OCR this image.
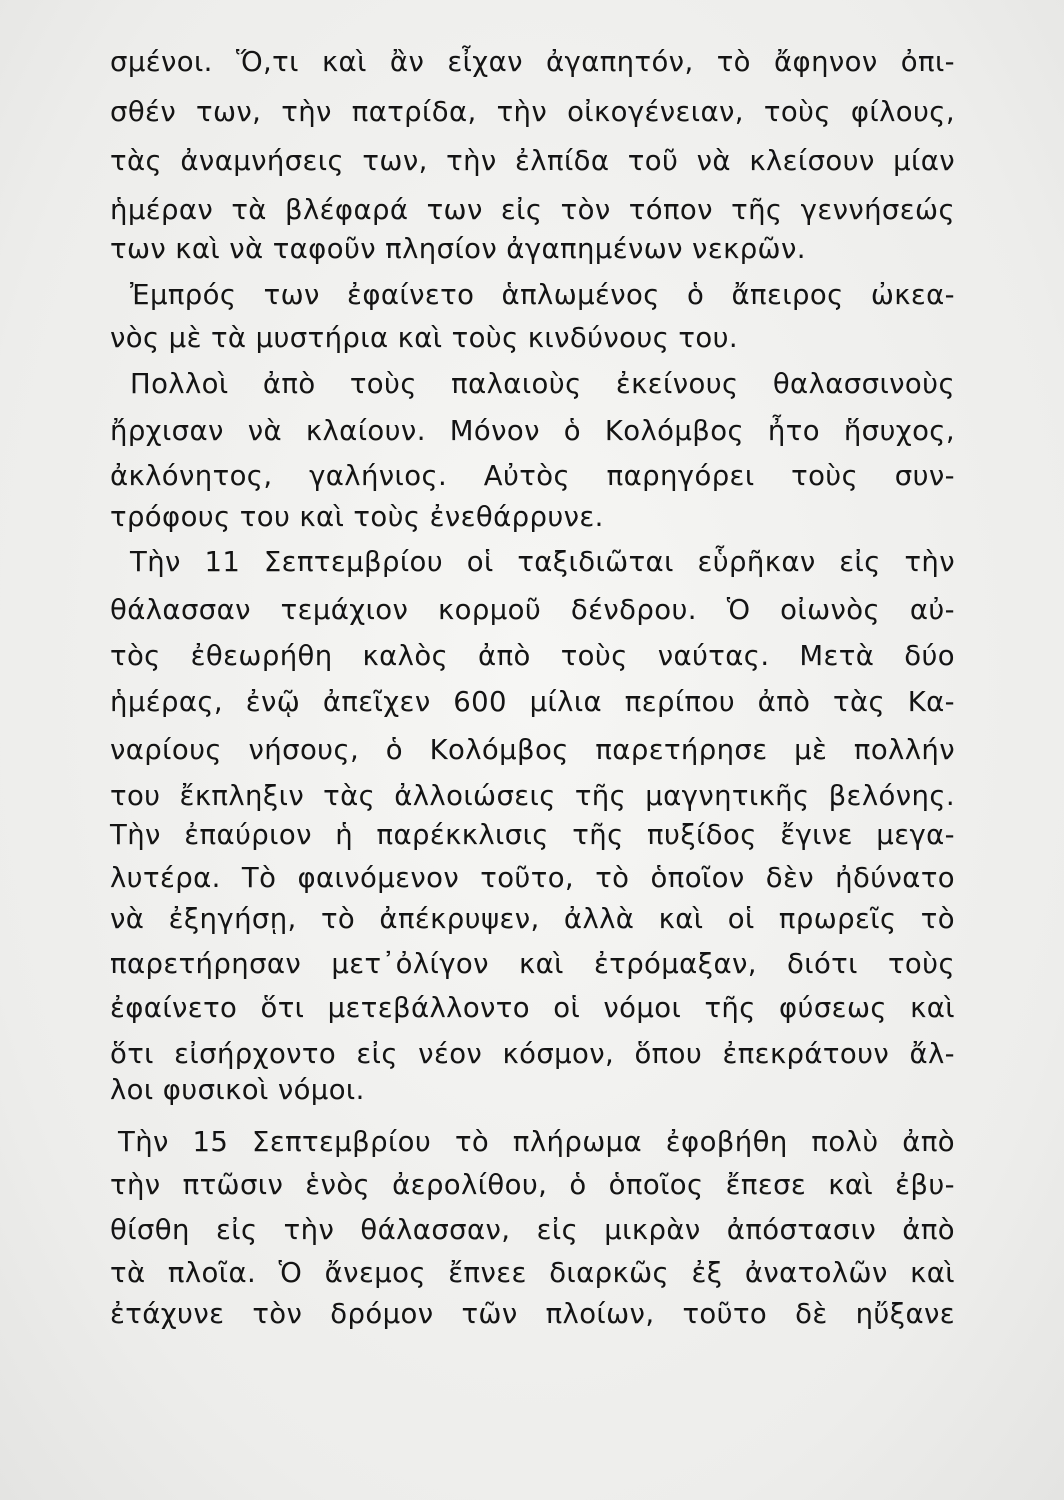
σμένοι. Ὅ,τι καὶ ἂν εἶχαν ἀγαπητόν, τὸ ἄφηνον ὀπι-
σθέν των, τὴν πατρίδα, τὴν οἰκογένειαν, τοὺς φίλους,
τὰς ἀναμνήσεις των, τὴν ἐλπίδα τοῦ νὰ κλείσουν μίαν
ἡμέραν τὰ βλέφαρά των εἰς τὸν τόπον τῆς γεννήσεώς
των καὶ νὰ ταφοῦν πλησίον ἀγαπημένων νεκρῶν.
Ἐμπρός των ἐφαίνετο ἁπλωμένος ὁ ἄπειρος ὠκεα-
νὸς μὲ τὰ μυστήρια καὶ τοὺς κινδύνους του.
Πολλοὶ ἀπὸ τοὺς παλαιοὺς ἐκείνους θαλασσινοὺς
ἤρχισαν νὰ κλαίουν. Μόνον ὁ Κολόμβος ἦτο ἥσυχος,
ἀκλόνητος, γαλήνιος. Αὐτὸς παρηγόρει τοὺς συν-
τρόφους του καὶ τοὺς ἐνεθάρρυνε.
Τὴν 11 Σεπτεμβρίου οἱ ταξιδιῶται εὗρῆκαν εἰς τὴν
θάλασσαν τεμάχιον κορμοῦ δένδρου. Ὁ οἰωνὸς αὐ-
τὸς ἐθεωρήθη καλὸς ἀπὸ τοὺς ναύτας. Μετὰ δύο
ἡμέρας, ἐνῷ ἀπεῖχεν 600 μίλια περίπου ἀπὸ τὰς Κα-
ναρίους νήσους, ὁ Κολόμβος παρετήρησε μὲ πολλήν
του ἔκπληξιν τὰς ἀλλοιώσεις τῆς μαγνητικῆς βελόνης.
Τὴν ἐπαύριον ἡ παρέκκλισις τῆς πυξίδος ἔγινε μεγα-
λυτέρα. Τὸ φαινόμενον τοῦτο, τὸ ὁποῖον δὲν ἠδύνατο
νὰ ἐξηγήσῃ, τὸ ἀπέκρυψεν, ἀλλὰ καὶ οἱ πρωρεῖς τὸ
παρετήρησαν μετ᾽ὀλίγον καὶ ἐτρόμαξαν, διότι τοὺς
ἐφαίνετο ὅτι μετεβάλλοντο οἱ νόμοι τῆς φύσεως καὶ
ὅτι εἰσήρχοντο εἰς νέον κόσμον, ὅπου ἐπεκράτουν ἄλ-
λοι φυσικοὶ νόμοι.
Τὴν 15 Σεπτεμβρίου τὸ πλήρωμα ἐφοβήθη πολὺ ἀπὸ
τὴν πτῶσιν ἑνὸς ἀερολίθου, ὁ ὁποῖος ἔπεσε καὶ ἐβυ-
θίσθη εἰς τὴν θάλασσαν, εἰς μικρὰν ἀπόστασιν ἀπὸ
τὰ πλοῖα. Ὁ ἄνεμος ἔπνεε διαρκῶς ἐξ ἀνατολῶν καὶ
ἐτάχυνε τὸν δρόμον τῶν πλοίων, τοῦτο δὲ ηὔξανε
